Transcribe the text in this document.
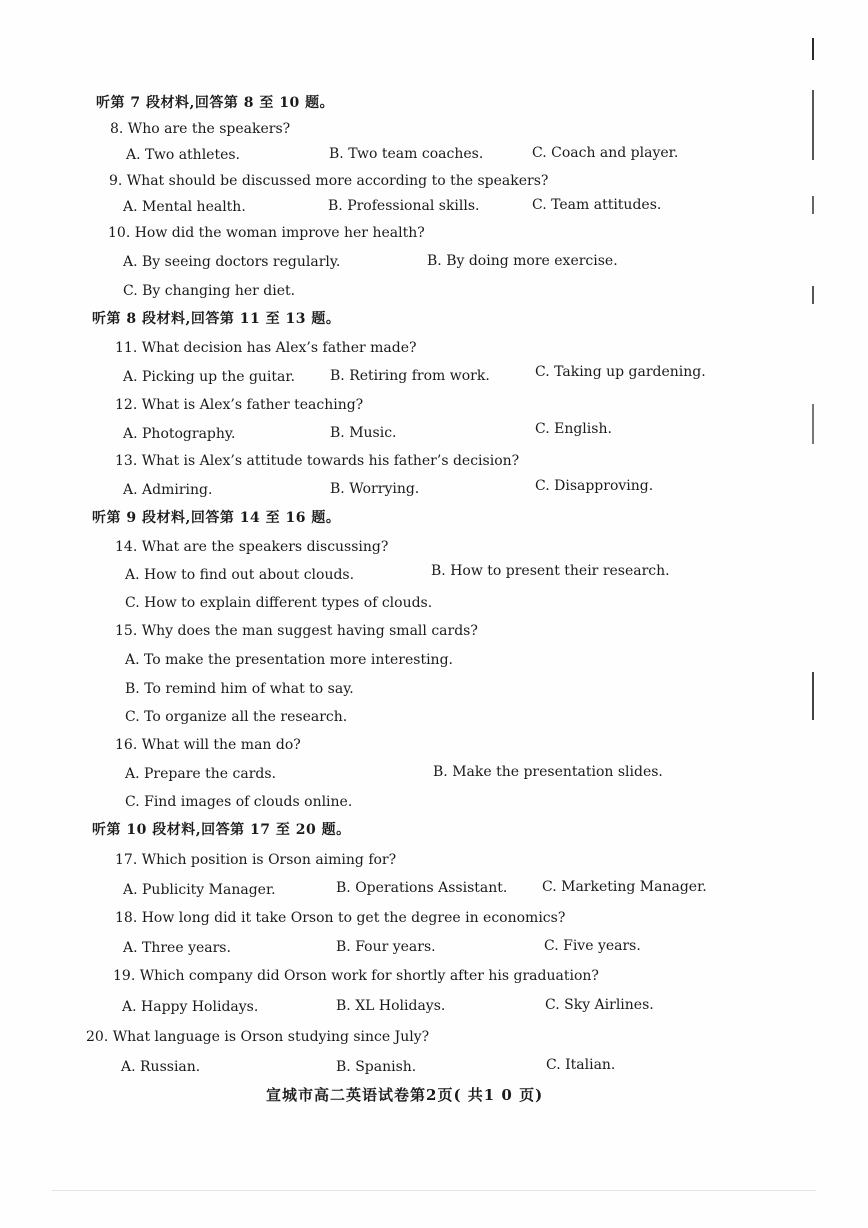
听第 7 段材料,回答第 8 至 10 题。
8. Who are the speakers?
A. Two athletes.	B. Two team coaches.	C. Coach and player.
9. What should be discussed more according to the speakers?
A. Mental health.	B. Professional skills.	C. Team attitudes.
10. How did the woman improve her health?
A. By seeing doctors regularly.	B. By doing more exercise.
C. By changing her diet.
听第 8 段材料,回答第 11 至 13 题。
11. What decision has Alex’s father made?
A. Picking up the guitar.	B. Retiring from work.	C. Taking up gardening.
12. What is Alex’s father teaching?
A. Photography.	B. Music.	C. English.
13. What is Alex’s attitude towards his father’s decision?
A. Admiring.	B. Worrying.	C. Disapproving.
听第 9 段材料,回答第 14 至 16 题。
14. What are the speakers discussing?
A. How to find out about clouds.	B. How to present their research.
C. How to explain different types of clouds.
15. Why does the man suggest having small cards?
A. To make the presentation more interesting.
B. To remind him of what to say.
C. To organize all the research.
16. What will the man do?
A. Prepare the cards.	B. Make the presentation slides.
C. Find images of clouds online.
听第 10 段材料,回答第 17 至 20 题。
17. Which position is Orson aiming for?
A. Publicity Manager.	B. Operations Assistant. C. Marketing Manager.
18. How long did it take Orson to get the degree in economics?
A. Three years.	B. Four years.	C. Five years.
19. Which company did Orson work for shortly after his graduation?
A. Happy Holidays.	B. XL Holidays.	C. Sky Airlines.
20. What language is Orson studying since July?
A. Russian.	B. Spanish.	C. Italian.
宣城市高二英语试卷第2页( 共1 0 页)
